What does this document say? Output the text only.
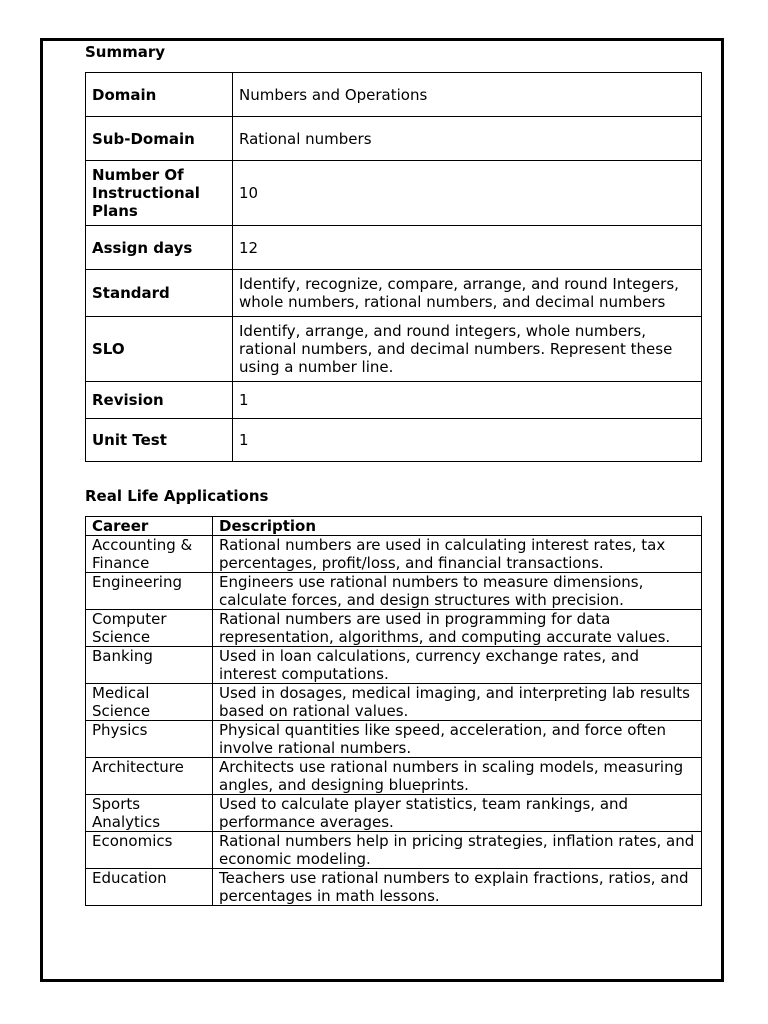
Summary
Domain	Numbers and Operations
Sub-Domain	Rational numbers
Number Of Instructional Plans	10
Assign days	12
Standard	Identify, recognize, compare, arrange, and round Integers, whole numbers, rational numbers, and decimal numbers
SLO	Identify, arrange, and round integers, whole numbers, rational numbers, and decimal numbers. Represent these using a number line.
Revision	1
Unit Test	1
Real Life Applications
Career	Description
Accounting & Finance	Rational numbers are used in calculating interest rates, tax percentages, profit/loss, and financial transactions.
Engineering	Engineers use rational numbers to measure dimensions, calculate forces, and design structures with precision.
Computer Science	Rational numbers are used in programming for data representation, algorithms, and computing accurate values.
Banking	Used in loan calculations, currency exchange rates, and interest computations.
Medical Science	Used in dosages, medical imaging, and interpreting lab results based on rational values.
Physics	Physical quantities like speed, acceleration, and force often involve rational numbers.
Architecture	Architects use rational numbers in scaling models, measuring angles, and designing blueprints.
Sports Analytics	Used to calculate player statistics, team rankings, and performance averages.
Economics	Rational numbers help in pricing strategies, inflation rates, and economic modeling.
Education	Teachers use rational numbers to explain fractions, ratios, and percentages in math lessons.
